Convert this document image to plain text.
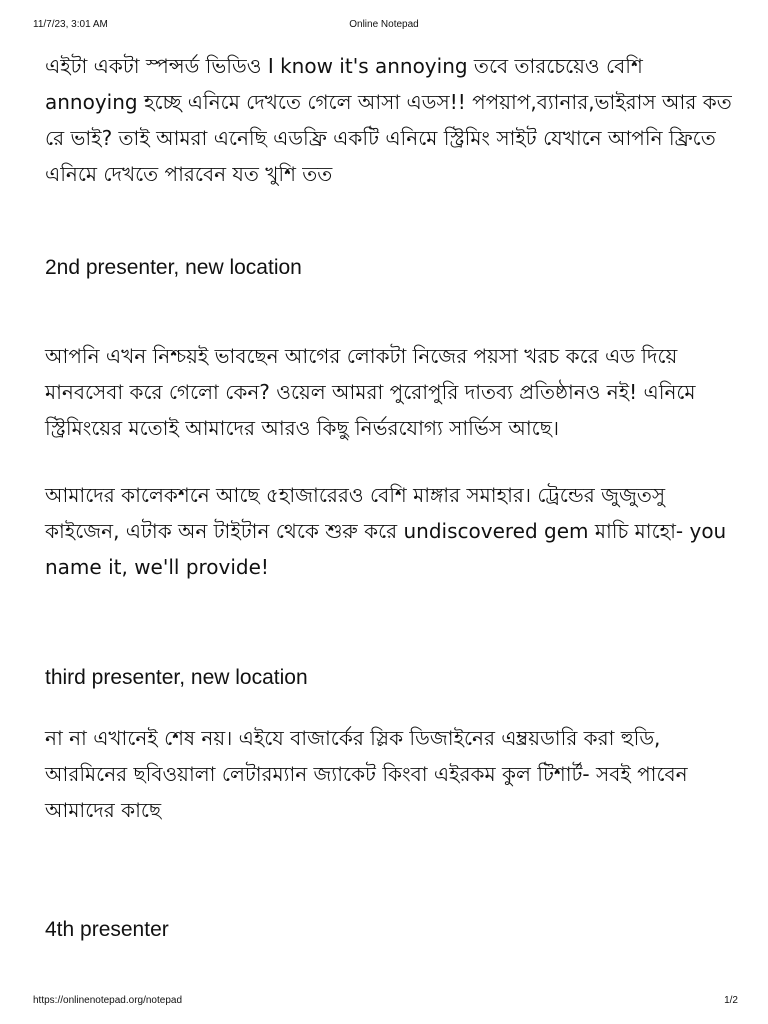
11/7/23, 3:01 AM	Online Notepad

এইটা একটা স্পন্সর্ড ভিডিও I know it's annoying তবে তারচেয়েও বেশি annoying হচ্ছে এনিমে দেখতে গেলে আসা এডস!! পপয়াপ,ব্যানার,ভাইরাস আর কত রে ভাই? তাই আমরা এনেছি এডফ্রি একটি এনিমে স্ট্রিমিং সাইট যেখানে আপনি ফ্রিতে এনিমে দেখতে পারবেন যত খুশি তত

2nd presenter, new location

আপনি এখন নিশ্চয়ই ভাবছেন আগের লোকটা নিজের পয়সা খরচ করে এড দিয়ে মানবসেবা করে গেলো কেন? ওয়েল আমরা পুরোপুরি দাতব্য প্রতিষ্ঠানও নই! এনিমে স্ট্রিমিংয়ের মতোই আমাদের আরও কিছু নির্ভরযোগ্য সার্ভিস আছে।

আমাদের কালেকশনে আছে ৫হাজারেরও বেশি মাঙ্গার সমাহার। ট্রেন্ডের জুজুতসু কাইজেন, এটাক অন টাইটান থেকে শুরু করে undiscovered gem মাচি মাহো- you name it, we'll provide!

third presenter, new location

না না এখানেই শেষ নয়। এইযে বাজার্কের স্লিক ডিজাইনের এম্ব্রয়ডারি করা হুডি, আরমিনের ছবিওয়ালা লেটারম্যান জ্যাকেট কিংবা এইরকম কুল টিশার্ট- সবই পাবেন আমাদের কাছে

4th presenter

https://onlinenotepad.org/notepad	1/2
